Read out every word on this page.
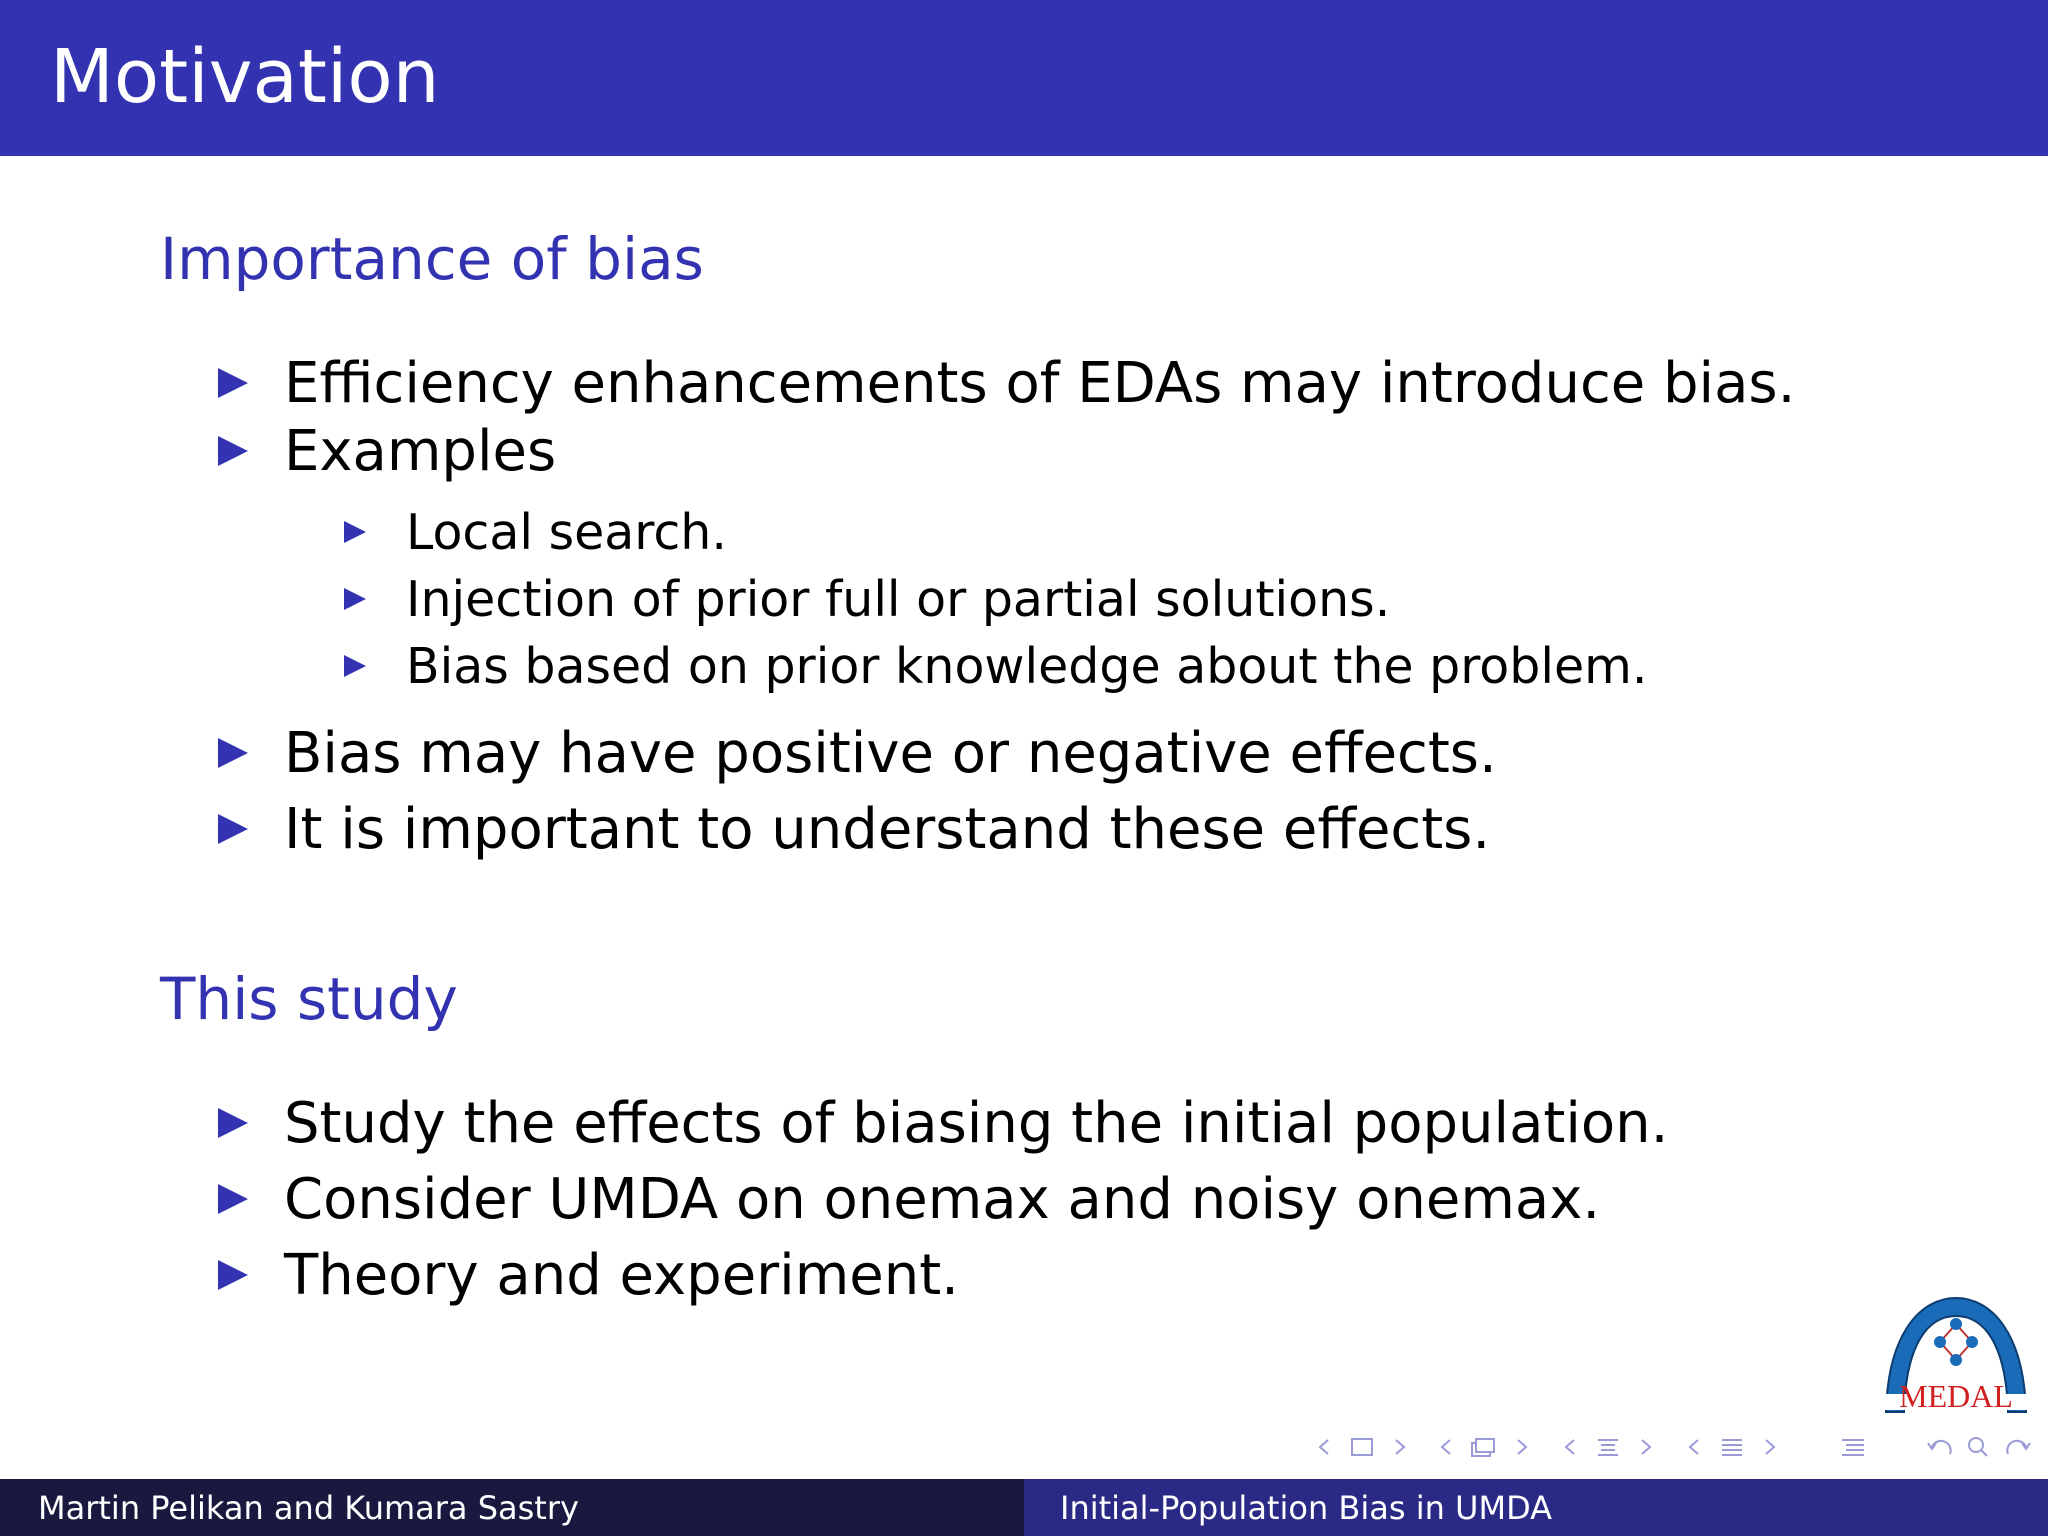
Motivation
Importance of bias
Efficiency enhancements of EDAs may introduce bias.
Examples
Local search.
Injection of prior full or partial solutions.
Bias based on prior knowledge about the problem.
Bias may have positive or negative effects.
It is important to understand these effects.
This study
Study the effects of biasing the initial population.
Consider UMDA on onemax and noisy onemax.
Theory and experiment.
MEDAL
Martin Pelikan and Kumara Sastry	Initial-Population Bias in UMDA
